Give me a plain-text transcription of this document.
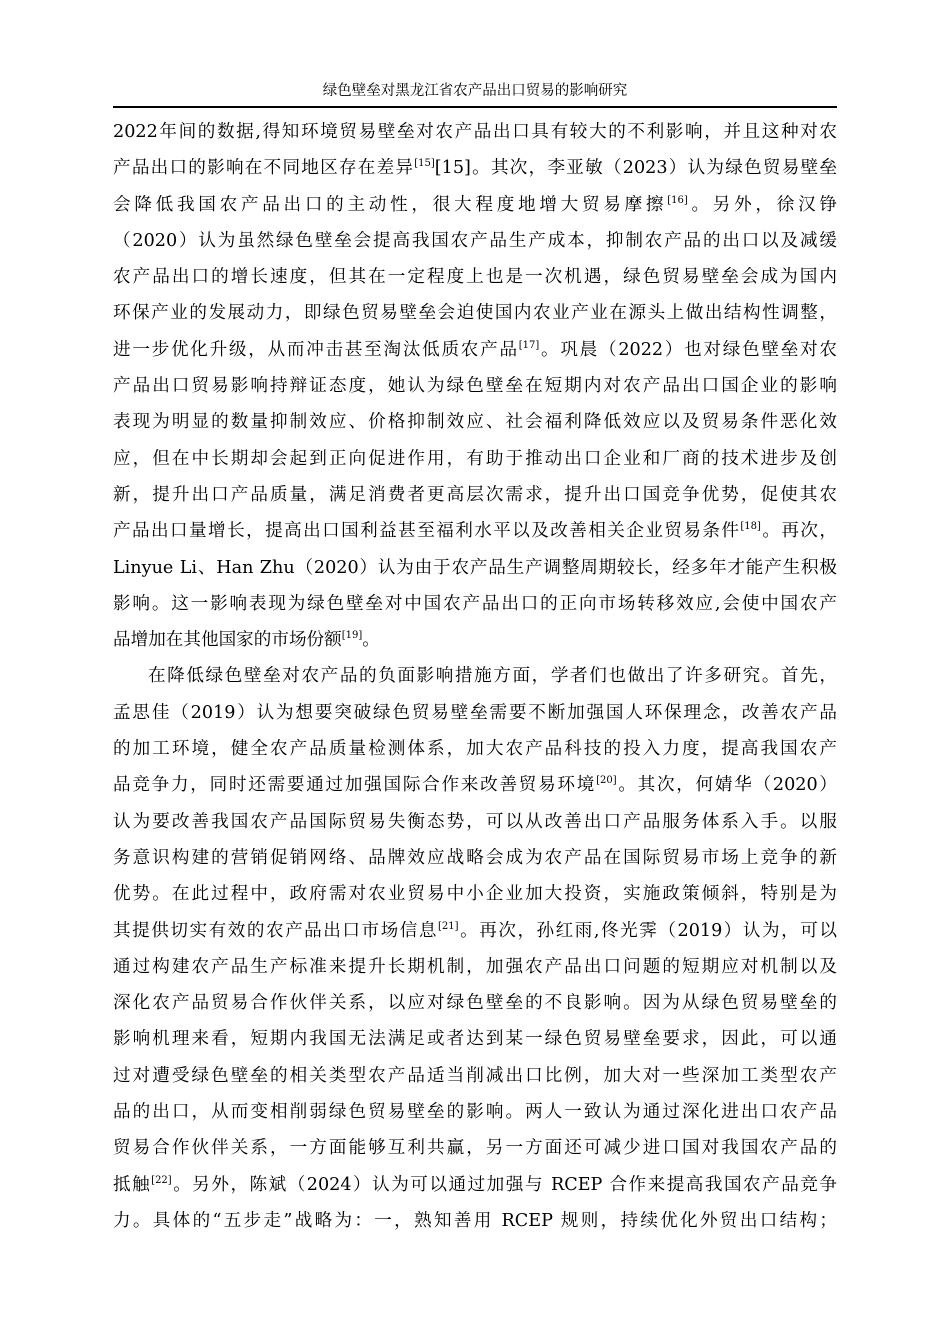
绿色壁垒对黑龙江省农产品出口贸易的影响研究
2022年间的数据,得知环境贸易壁垒对农产品出口具有较大的不利影响，并且这种对农
产品出口的影响在不同地区存在差异[15][15]。其次，李亚敏（2023）认为绿色贸易壁垒
会降低我国农产品出口的主动性，很大程度地增大贸易摩擦[16]。另外，徐汉铮
（2020）认为虽然绿色壁垒会提高我国农产品生产成本，抑制农产品的出口以及减缓
农产品出口的增长速度，但其在一定程度上也是一次机遇，绿色贸易壁垒会成为国内
环保产业的发展动力，即绿色贸易壁垒会迫使国内农业产业在源头上做出结构性调整，
进一步优化升级，从而冲击甚至淘汰低质农产品[17]。巩晨（2022）也对绿色壁垒对农
产品出口贸易影响持辩证态度，她认为绿色壁垒在短期内对农产品出口国企业的影响
表现为明显的数量抑制效应、价格抑制效应、社会福利降低效应以及贸易条件恶化效
应，但在中长期却会起到正向促进作用，有助于推动出口企业和厂商的技术进步及创
新，提升出口产品质量，满足消费者更高层次需求，提升出口国竞争优势，促使其农
产品出口量增长，提高出口国利益甚至福利水平以及改善相关企业贸易条件[18]。再次，
Linyue Li、Han Zhu（2020）认为由于农产品生产调整周期较长，经多年才能产生积极
影响。这一影响表现为绿色壁垒对中国农产品出口的正向市场转移效应,会使中国农产
品增加在其他国家的市场份额[19]。
在降低绿色壁垒对农产品的负面影响措施方面，学者们也做出了许多研究。首先，
孟思佳（2019）认为想要突破绿色贸易壁垒需要不断加强国人环保理念，改善农产品
的加工环境，健全农产品质量检测体系，加大农产品科技的投入力度，提高我国农产
品竞争力，同时还需要通过加强国际合作来改善贸易环境[20]。其次，何婧华（2020）
认为要改善我国农产品国际贸易失衡态势，可以从改善出口产品服务体系入手。以服
务意识构建的营销促销网络、品牌效应战略会成为农产品在国际贸易市场上竞争的新
优势。在此过程中，政府需对农业贸易中小企业加大投资，实施政策倾斜，特别是为
其提供切实有效的农产品出口市场信息[21]。再次，孙红雨,佟光霁（2019）认为，可以
通过构建农产品生产标准来提升长期机制，加强农产品出口问题的短期应对机制以及
深化农产品贸易合作伙伴关系，以应对绿色壁垒的不良影响。因为从绿色贸易壁垒的
影响机理来看，短期内我国无法满足或者达到某一绿色贸易壁垒要求，因此，可以通
过对遭受绿色壁垒的相关类型农产品适当削减出口比例，加大对一些深加工类型农产
品的出口，从而变相削弱绿色贸易壁垒的影响。两人一致认为通过深化进出口农产品
贸易合作伙伴关系，一方面能够互利共赢，另一方面还可减少进口国对我国农产品的
抵触[22]。另外，陈斌（2024）认为可以通过加强与 RCEP 合作来提高我国农产品竞争
力。具体的“五步走”战略为：一，熟知善用 RCEP 规则，持续优化外贸出口结构；
